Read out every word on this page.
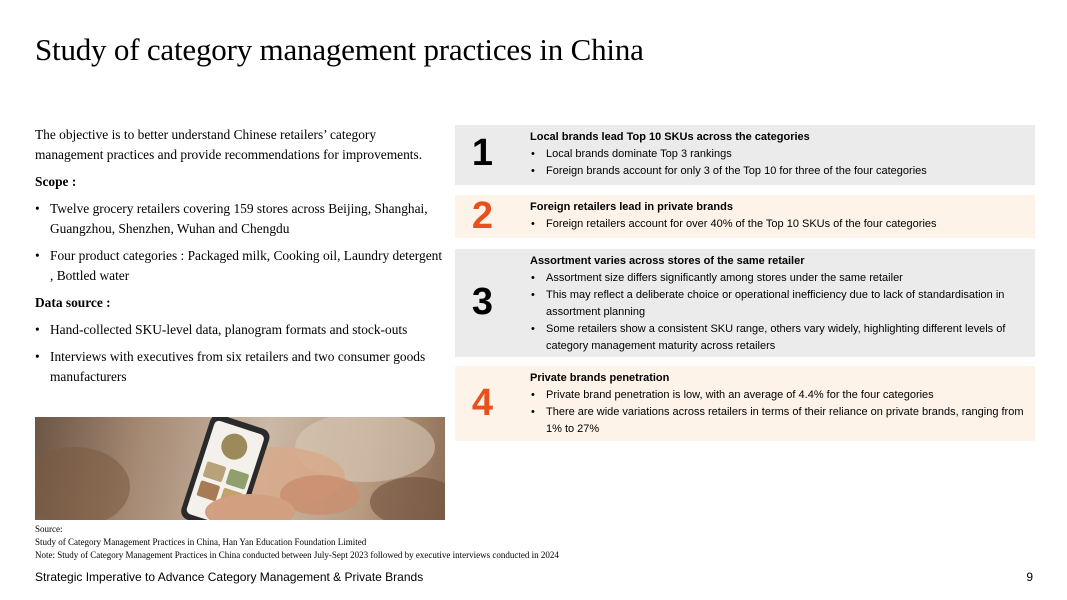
Study of category management practices in China

The objective is to better understand Chinese retailers’ category management practices and provide recommendations for improvements.

Scope :
• Twelve grocery retailers covering 159 stores across Beijing, Shanghai, Guangzhou, Shenzhen, Wuhan and Chengdu
• Four product categories : Packaged milk, Cooking oil, Laundry detergent , Bottled water
Data source :
• Hand-collected SKU-level data, planogram formats and stock-outs
• Interviews with executives from six retailers and two consumer goods manufacturers
1	Local brands lead Top 10 SKUs across the categories
• Local brands dominate Top 3 rankings
• Foreign brands account for only 3 of the Top 10 for three of the four categories
2	Foreign retailers lead in private brands
• Foreign retailers account for over 40% of the Top 10 SKUs of the four categories
3
Assortment varies across stores of the same retailer
• Assortment size differs significantly among stores under the same retailer
• This may reflect a deliberate choice or operational inefficiency due to lack of standardisation in assortment planning
• Some retailers show a consistent SKU range, others vary widely, highlighting different levels of category management maturity across retailers
4
Private brands penetration
• Private brand penetration is low, with an average of 4.4% for the four categories
• There are wide variations across retailers in terms of their reliance on private brands, ranging from 1% to 27%
Source:
Study of Category Management Practices in China, Han Yan Education Foundation Limited
Note: Study of Category Management Practices in China conducted between July-Sept 2023 followed by executive interviews conducted in 2024
Strategic Imperative to Advance Category Management & Private Brands	9
